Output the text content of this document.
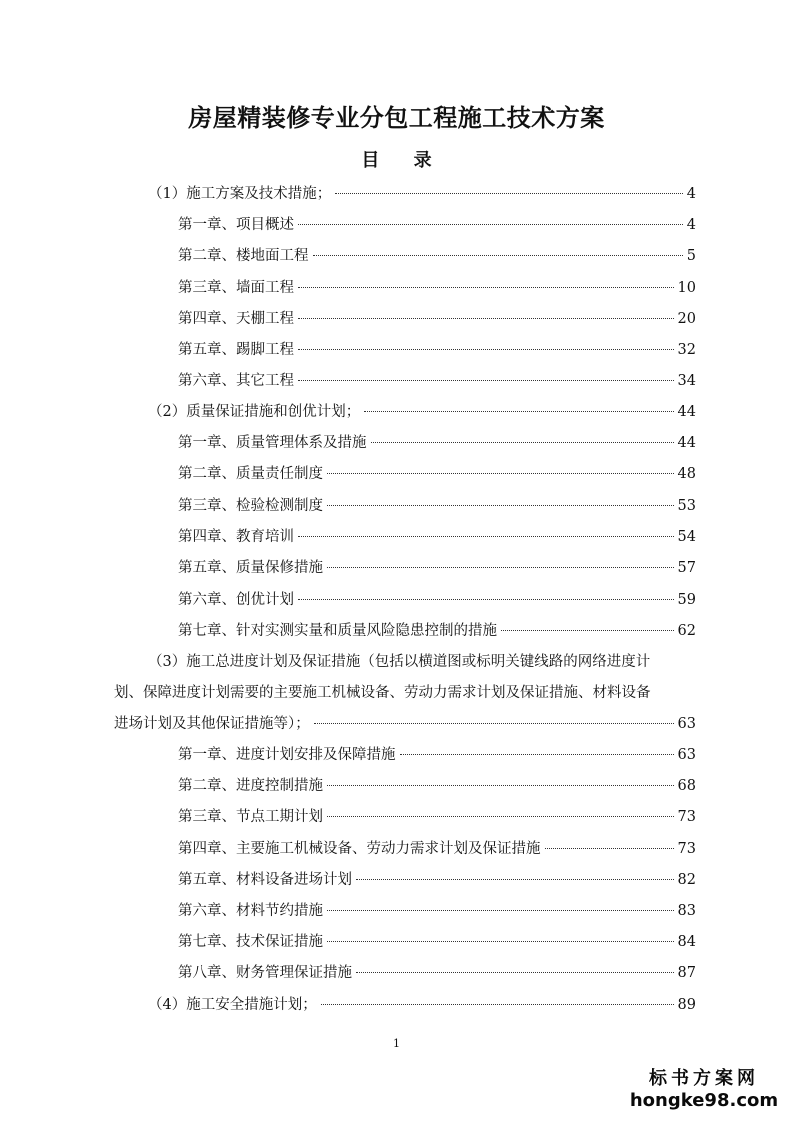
房屋精装修专业分包工程施工技术方案
目 录
（1）施工方案及技术措施；	4
第一章、项目概述	4
第二章、楼地面工程	5
第三章、墙面工程	10
第四章、天棚工程	20
第五章、踢脚工程	32
第六章、其它工程	34
（2）质量保证措施和创优计划；	44
第一章、质量管理体系及措施	44
第二章、质量责任制度	48
第三章、检验检测制度	53
第四章、教育培训	54
第五章、质量保修措施	57
第六章、创优计划	59
第七章、针对实测实量和质量风险隐患控制的措施	62
（3）施工总进度计划及保证措施（包括以横道图或标明关键线路的网络进度计
划、保障进度计划需要的主要施工机械设备、劳动力需求计划及保证措施、材料设备
进场计划及其他保证措施等）；	63
第一章、进度计划安排及保障措施	63
第二章、进度控制措施	68
第三章、节点工期计划	73
第四章、主要施工机械设备、劳动力需求计划及保证措施	73
第五章、材料设备进场计划	82
第六章、材料节约措施	83
第七章、技术保证措施	84
第八章、财务管理保证措施	87
（4）施工安全措施计划；	89
1
标书方案网
hongke98.com
